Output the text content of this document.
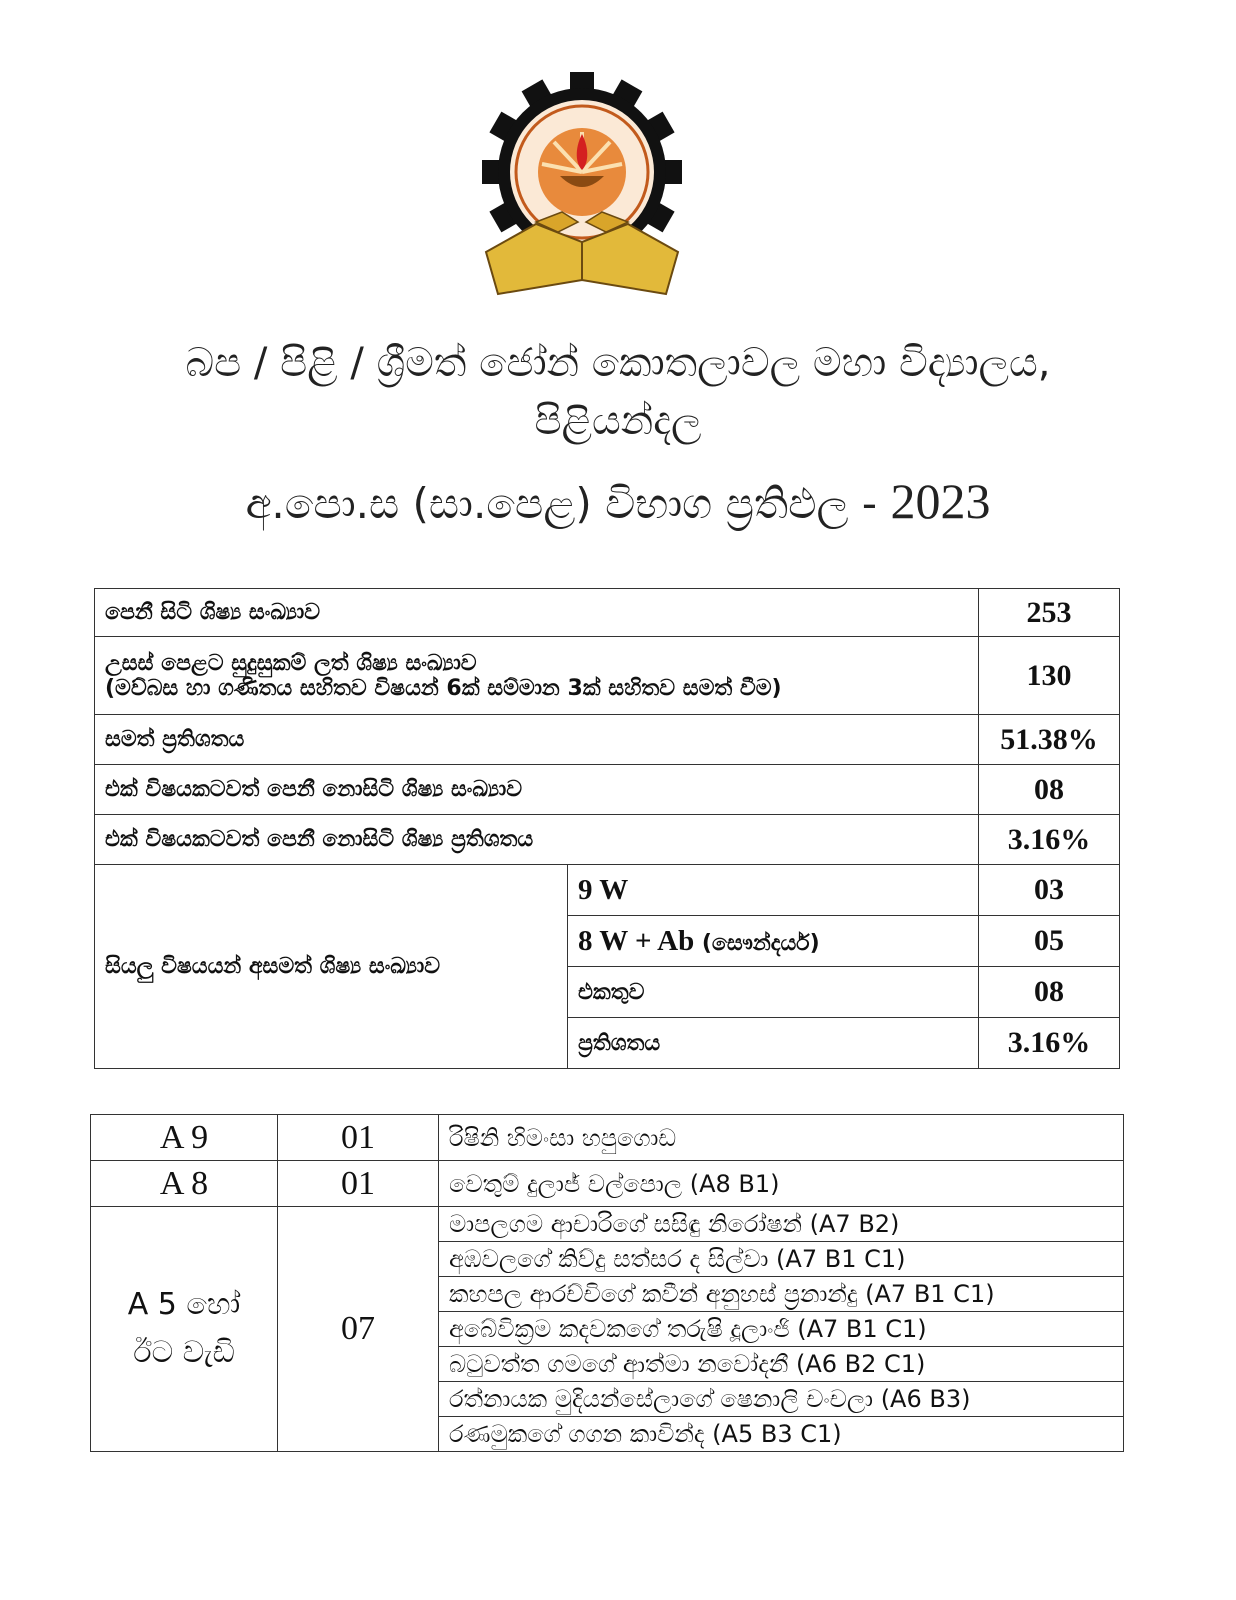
බප / පිළි / ශ්‍රීමත් ජෝන් කොතලාවල මහා විද්‍යාලය,
පිළියන්දල
අ.පො.ස (සා.පෙළ) විභාග ප්‍රතිඵල - 2023
පෙනී සිටි ශිෂ්‍ය සංඛ්‍යාව		253

උසස් පෙළට සුදුසුකම් ලත් ශිෂ්‍ය සංඛ්‍යාව
(මව්බස හා ගණිතය සහිතව විෂයන් 6ක් සම්මාන 3ක් සහිතව සමත් වීම)		130
සමත් ප්‍රතිශතය		51.38%
එක් විෂයකටවත් පෙනී නොසිටි ශිෂ්‍ය සංඛ්‍යාව		08
එක් විෂයකටවත් පෙනී නොසිටි ශිෂ්‍ය ප්‍රතිශතය		3.16%
සියලු විෂයයන් අසමත් ශිෂ්‍ය සංඛ්‍යාව	9 W	03
	8 W + Ab (සෞන්දර්ය)	05
	එකතුව	08
	ප්‍රතිශතය	3.16%
A 9	01	රිෂිනි හිමංසා හපුගොඩ
A 8	01	වෙතුම් දුලාජ් වල්පොල (A8 B1)

A 5 හෝ
ඊට වැඩි	07	මාපලගම ආචාරිගේ සසිඳු නිරෝෂන් (A7 B2)
		අඹවලගේ කිව්දු සත්සර ද සිල්වා (A7 B1 C1)
		කහපල ආරච්චිගේ කවීන් අනුහස් ප්‍රනාන්දු (A7 B1 C1)
		අබේවික්‍රම කදවකගේ තරුෂි දූලාංජි (A7 B1 C1)
		බටුවත්ත ගමගේ ආත්මා නවෝදනී (A6 B2 C1)
		රත්නායක මුදියන්සේලාගේ ෂෙනාලි චංචලා (A6 B3)
		රණමුකගේ ගගන කාවින්ද (A5 B3 C1)
